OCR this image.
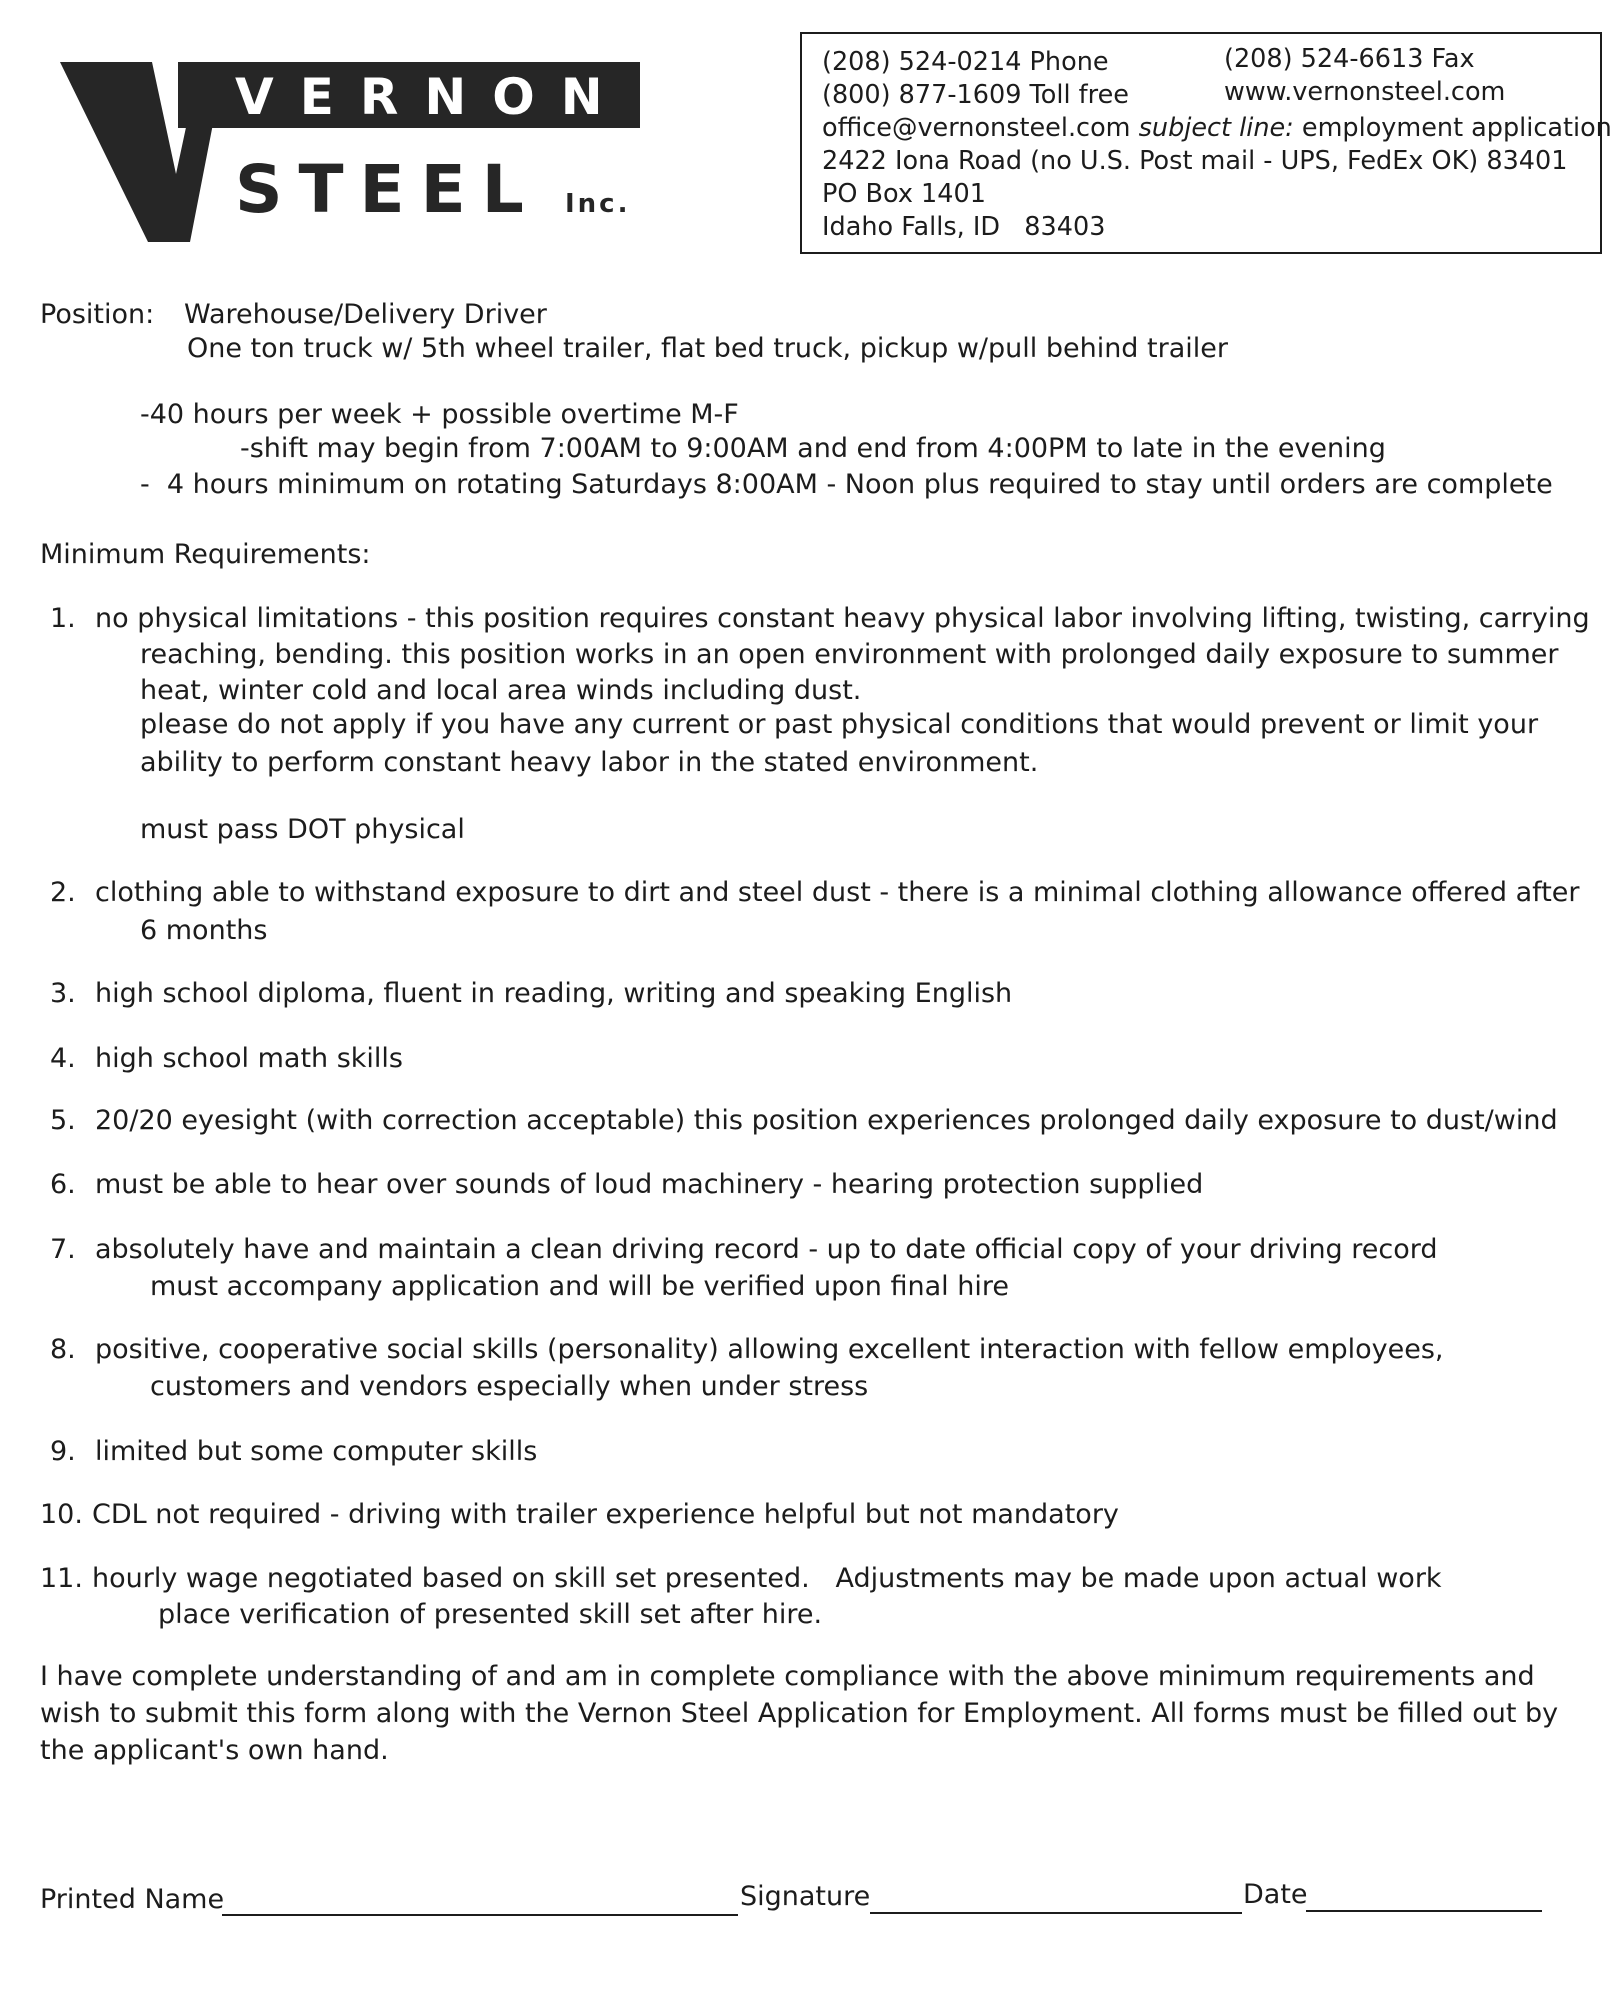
VERNON
STEEL Inc.
(208) 524-0214 Phone
(800) 877-1609 Toll free
(208) 524-6613 Fax
www.vernonsteel.com
office@vernonsteel.com subject line: employment application
2422 Iona Road (no U.S. Post mail - UPS, FedEx OK) 83401
PO Box 1401
Idaho Falls, ID   83403
Position: Warehouse/Delivery Driver
One ton truck w/ 5th wheel trailer, flat bed truck, pickup w/pull behind trailer
-40 hours per week + possible overtime M-F
-shift may begin from 7:00AM to 9:00AM and end from 4:00PM to late in the evening
-  4 hours minimum on rotating Saturdays 8:00AM - Noon plus required to stay until orders are complete
Minimum Requirements:
1. no physical limitations - this position requires constant heavy physical labor involving lifting, twisting, carrying
reaching, bending. this position works in an open environment with prolonged daily exposure to summer
heat, winter cold and local area winds including dust.
please do not apply if you have any current or past physical conditions that would prevent or limit your
ability to perform constant heavy labor in the stated environment.
must pass DOT physical
2. clothing able to withstand exposure to dirt and steel dust - there is a minimal clothing allowance offered after
6 months
3. high school diploma, fluent in reading, writing and speaking English
4. high school math skills
5. 20/20 eyesight (with correction acceptable) this position experiences prolonged daily exposure to dust/wind
6. must be able to hear over sounds of loud machinery - hearing protection supplied
7. absolutely have and maintain a clean driving record - up to date official copy of your driving record
must accompany application and will be verified upon final hire
8. positive, cooperative social skills (personality) allowing excellent interaction with fellow employees,
customers and vendors especially when under stress
9. limited but some computer skills
10. CDL not required - driving with trailer experience helpful but not mandatory
11. hourly wage negotiated based on skill set presented.   Adjustments may be made upon actual work
place verification of presented skill set after hire.
I have complete understanding of and am in complete compliance with the above minimum requirements and
wish to submit this form along with the Vernon Steel Application for Employment. All forms must be filled out by
the applicant's own hand.
Printed Name	Signature	Date
